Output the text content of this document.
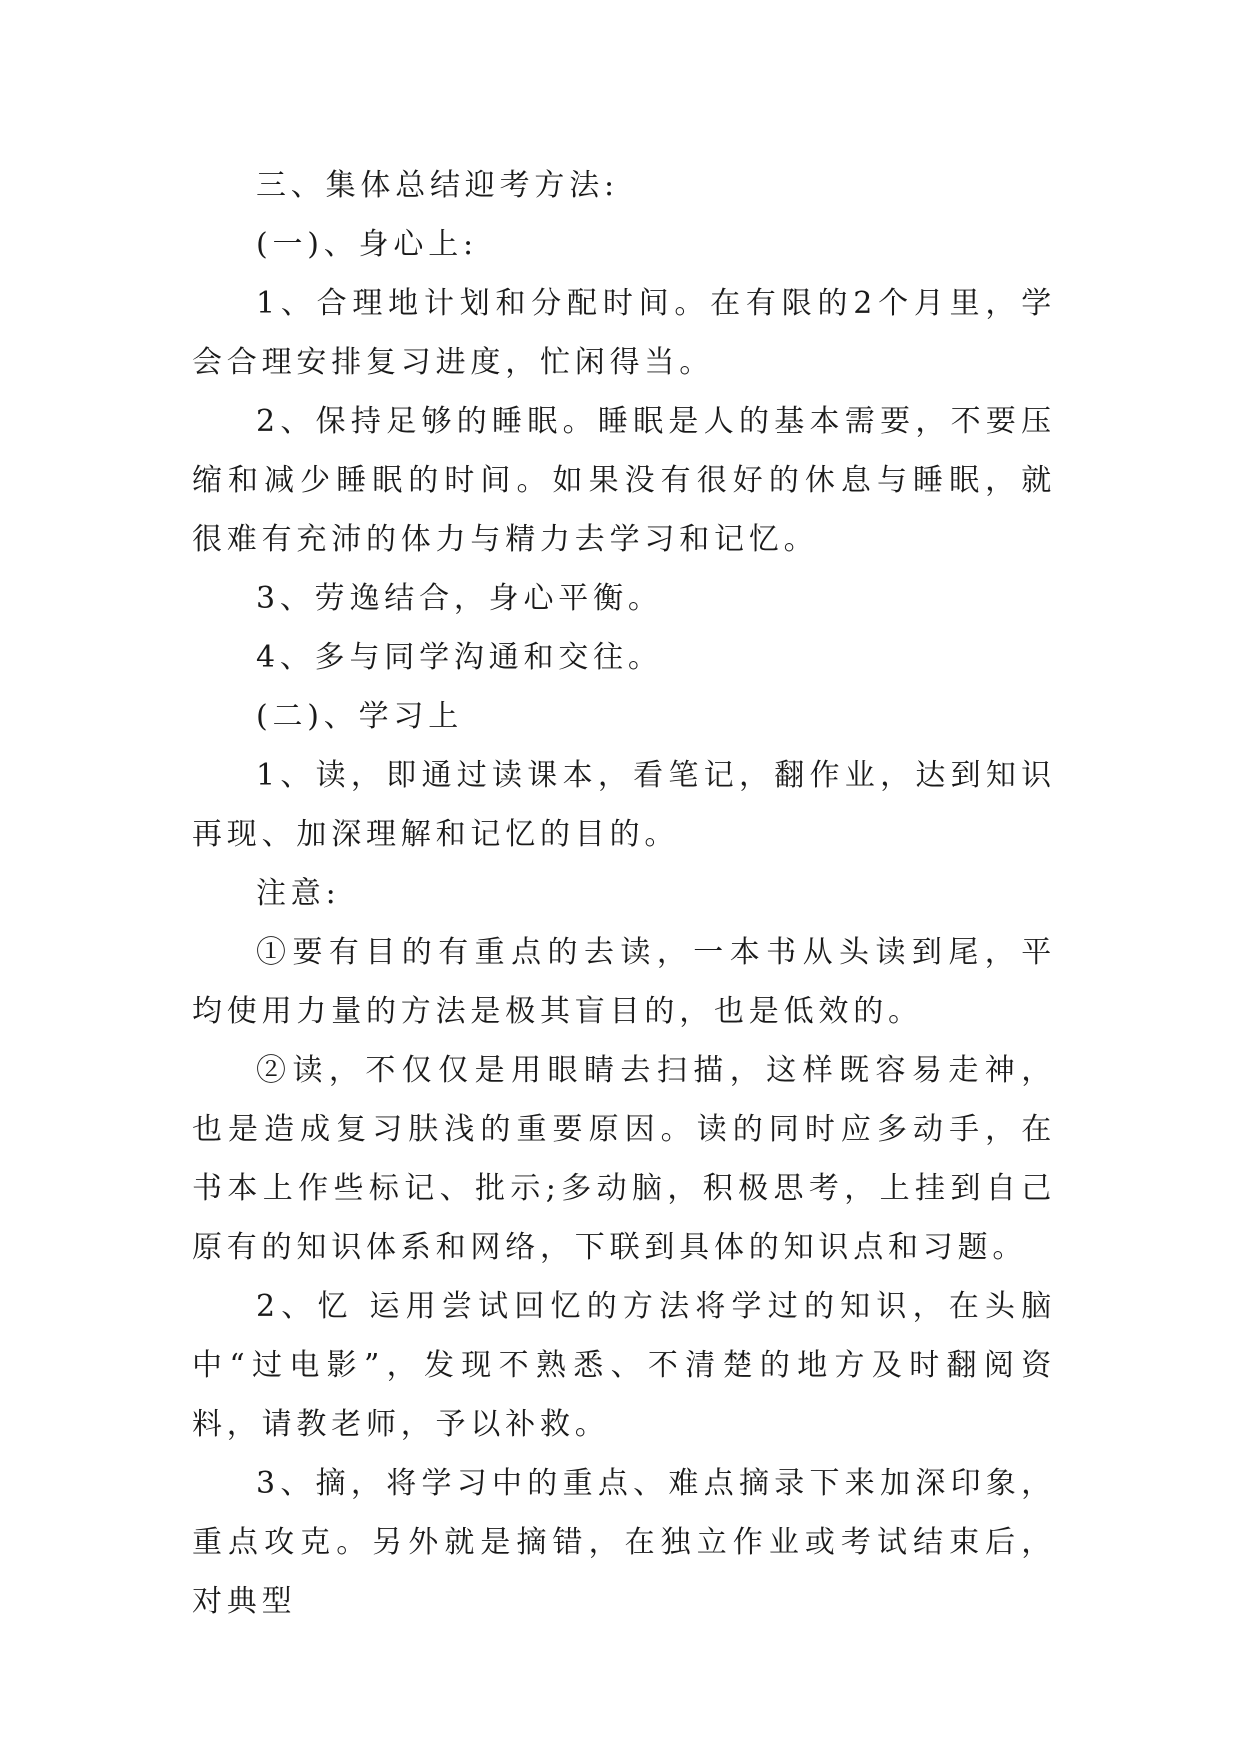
三、集体总结迎考方法:

(一)、身心上:

1、合理地计划和分配时间。在有限的2个月里，学会合理安排复习进度，忙闲得当。

2、保持足够的睡眠。睡眠是人的基本需要，不要压缩和减少睡眠的时间。如果没有很好的休息与睡眠，就很难有充沛的体力与精力去学习和记忆。

3、劳逸结合，身心平衡。

4、多与同学沟通和交往。

(二)、学习上

1、读，即通过读课本，看笔记，翻作业，达到知识再现、加深理解和记忆的目的。

注意:

①要有目的有重点的去读，一本书从头读到尾，平均使用力量的方法是极其盲目的，也是低效的。

②读，不仅仅是用眼睛去扫描，这样既容易走神，也是造成复习肤浅的重要原因。读的同时应多动手，在书本上作些标记、批示;多动脑，积极思考，上挂到自己原有的知识体系和网络，下联到具体的知识点和习题。

2、忆 运用尝试回忆的方法将学过的知识，在头脑中“过电影”，发现不熟悉、不清楚的地方及时翻阅资料，请教老师，予以补救。

3、摘，将学习中的重点、难点摘录下来加深印象，重点攻克。另外就是摘错，在独立作业或考试结束后，对典型
